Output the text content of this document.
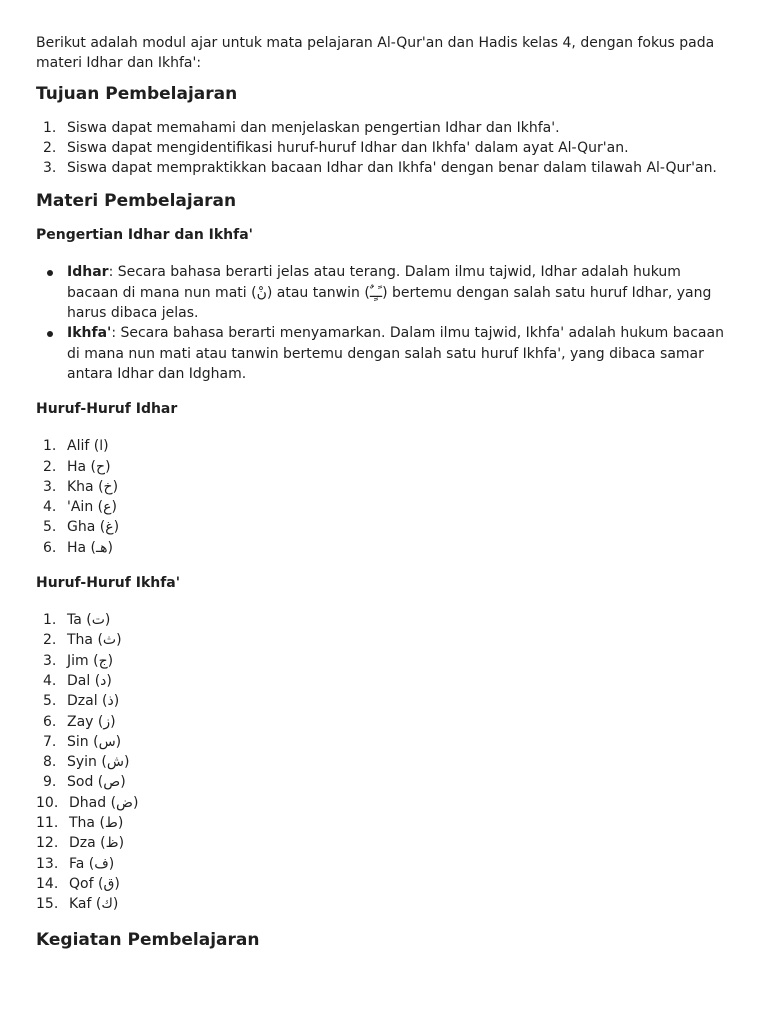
Berikut adalah modul ajar untuk mata pelajaran Al-Qur'an dan Hadis kelas 4, dengan fokus pada materi Idhar dan Ikhfa':

Tujuan Pembelajaran
1. Siswa dapat memahami dan menjelaskan pengertian Idhar dan Ikhfa'.
2. Siswa dapat mengidentifikasi huruf-huruf Idhar dan Ikhfa' dalam ayat Al-Qur'an.
3. Siswa dapat mempraktikkan bacaan Idhar dan Ikhfa' dengan benar dalam tilawah Al-Qur'an.
Materi Pembelajaran
Pengertian Idhar dan Ikhfa'
Idhar: Secara bahasa berarti jelas atau terang. Dalam ilmu tajwid, Idhar adalah hukum bacaan di mana nun mati (نْ) atau tanwin (ـًـٍـٌ) bertemu dengan salah satu huruf Idhar, yang harus dibaca jelas.
Ikhfa': Secara bahasa berarti menyamarkan. Dalam ilmu tajwid, Ikhfa' adalah hukum bacaan di mana nun mati atau tanwin bertemu dengan salah satu huruf Ikhfa', yang dibaca samar antara Idhar dan Idgham.
Huruf-Huruf Idhar
1. Alif (ا)
2. Ha (ح)
3. Kha (خ)
4. 'Ain (ع)
5. Gha (غ)
6. Ha (هـ)
Huruf-Huruf Ikhfa'
1. Ta (ت)
2. Tha (ث)
3. Jim (ج)
4. Dal (د)
5. Dzal (ذ)
6. Zay (ز)
7. Sin (س)
8. Syin (ش)
9. Sod (ص)
10. Dhad (ض)
11. Tha (ط)
12. Dza (ظ)
13. Fa (ف)
14. Qof (ق)
15. Kaf (ك)
Kegiatan Pembelajaran
